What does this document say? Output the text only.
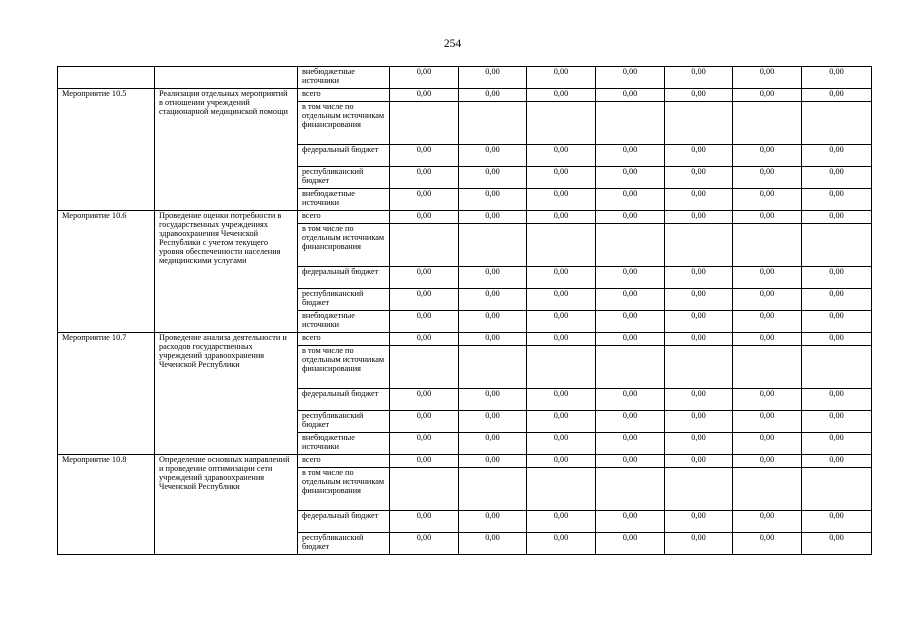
254
		внебюджетные источники	0,00	0,00	0,00	0,00	0,00	0,00	0,00
Мероприятие 10.5	Реализация отдельных мероприятий в отношении учреждений стационарной медицинской помощи	всего	0,00	0,00	0,00	0,00	0,00	0,00	0,00
		в том числе по отдельным источникам финансирования							
		федеральный бюджет	0,00	0,00	0,00	0,00	0,00	0,00	0,00
		республиканский бюджет	0,00	0,00	0,00	0,00	0,00	0,00	0,00
		внебюджетные источники	0,00	0,00	0,00	0,00	0,00	0,00	0,00
Мероприятие 10.6	Проведение оценки потребности в государственных учреждениях здравоохранения Чеченской Республики с учетом текущего уровня обеспеченности населения медицинскими услугами	всего	0,00	0,00	0,00	0,00	0,00	0,00	0,00
		в том числе по отдельным источникам финансирования							
		федеральный бюджет	0,00	0,00	0,00	0,00	0,00	0,00	0,00
		республиканский бюджет	0,00	0,00	0,00	0,00	0,00	0,00	0,00
		внебюджетные источники	0,00	0,00	0,00	0,00	0,00	0,00	0,00
Мероприятие 10.7	Проведение анализа деятельности и расходов государственных учреждений здравоохранения Чеченской Республики	всего	0,00	0,00	0,00	0,00	0,00	0,00	0,00
		в том числе по отдельным источникам финансирования							
		федеральный бюджет	0,00	0,00	0,00	0,00	0,00	0,00	0,00
		республиканский бюджет	0,00	0,00	0,00	0,00	0,00	0,00	0,00
		внебюджетные источники	0,00	0,00	0,00	0,00	0,00	0,00	0,00
Мероприятие 10.8	Определение основных направлений и проведение оптимизации сети учреждений здравоохранения Чеченской Республики	всего	0,00	0,00	0,00	0,00	0,00	0,00	0,00
		в том числе по отдельным источникам финансирования							
		федеральный бюджет	0,00	0,00	0,00	0,00	0,00	0,00	0,00
		республиканский бюджет	0,00	0,00	0,00	0,00	0,00	0,00	0,00
